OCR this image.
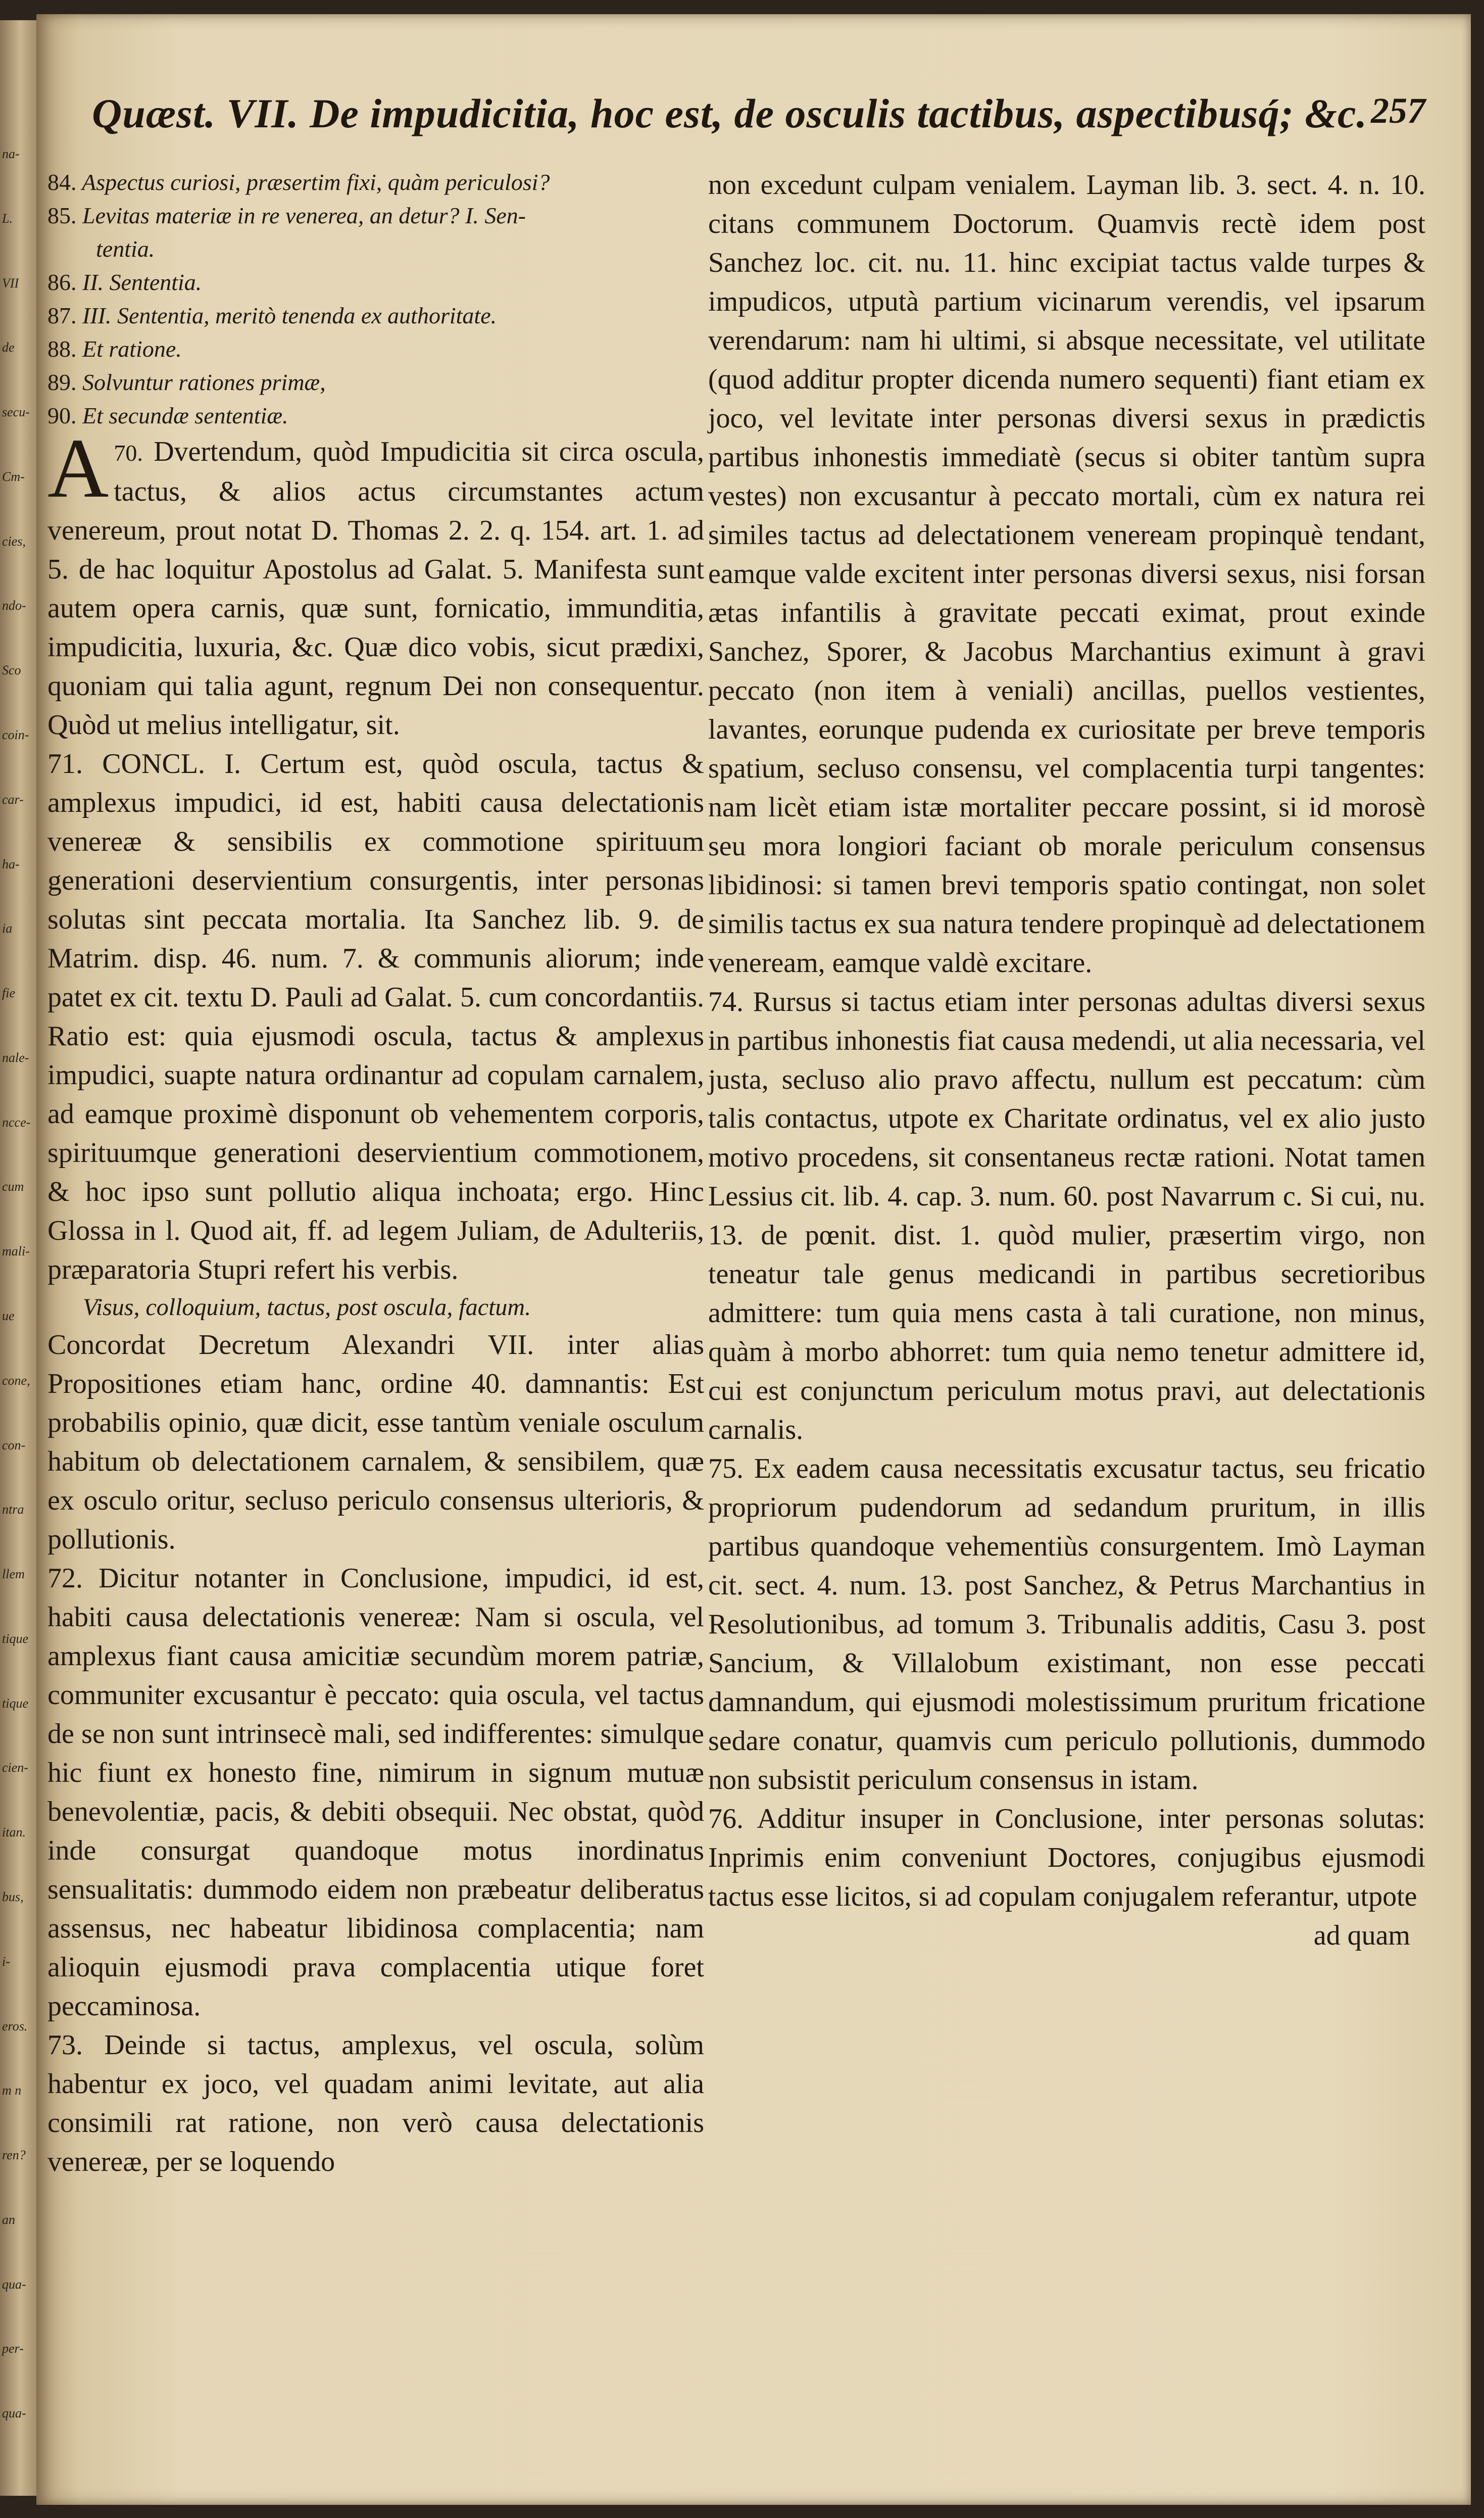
na-
L.
VII
de
secu-
Cm-
cies,
ndo-
Sco
coin-
car-
ha-
ia
fie
nale-
ncce-
cum
mali-
ue
cone,
con-
ntra
llem
tique
tique
cien-
itan.
bus,
i-
eros.
m n
ren?
an
qua-
per-
qua-
Quæst. VII. De impudicitia, hoc est, de osculis tactibus, aspectibusq́; &c. 257

84. Aspectus curiosi, præsertim fixi, quàm periculosi?

85. Levitas materiæ in re venerea, an detur? I. Sen-

tentia.

86. II. Sententia.

87. III. Sententia, meritò tenenda ex authoritate.

88. Et ratione.

89. Solvuntur rationes primæ,

90. Et secundæ sententiæ.

70.
A Dvertendum, quòd Impudicitia sit circa oscula, tactus, & alios actus circumstantes actum venereum, prout notat D. Thomas 2. 2. q. 154. art. 1. ad 5. de hac loquitur Apostolus ad Galat. 5. Manifesta sunt autem opera carnis, quæ sunt, fornicatio, immunditia, impudicitia, luxuria, &c. Quæ dico vobis, sicut prædixi, quoniam qui talia agunt, regnum Dei non consequentur. Quòd ut melius intelligatur, sit.

71. CONCL. I. Certum est, quòd oscula, tactus & amplexus impudici, id est, habiti causa delectationis venereæ & sensibilis ex commotione spirituum generationi deservientium consurgentis, inter personas solutas sint peccata mortalia. Ita Sanchez lib. 9. de Matrim. disp. 46. num. 7. & communis aliorum; inde patet ex cit. textu D. Pauli ad Galat. 5. cum concordantiis. Ratio est: quia ejusmodi oscula, tactus & amplexus impudici, suapte natura ordinantur ad copulam carnalem, ad eamque proximè disponunt ob vehementem corporis, spirituumque generationi deservientium commotionem, & hoc ipso sunt pollutio aliqua inchoata; ergo. Hinc Glossa in l. Quod ait, ff. ad legem Juliam, de Adulteriis, præparatoria Stupri refert his verbis.

Visus, colloquium, tactus, post oscula, factum.

Concordat Decretum Alexandri VII. inter alias Propositiones etiam hanc, ordine 40. damnantis: Est probabilis opinio, quæ dicit, esse tantùm veniale osculum habitum ob delectationem carnalem, & sensibilem, quæ ex osculo oritur, secluso periculo consensus ulterioris, & pollutionis.

72. Dicitur notanter in Conclusione, impudici, id est, habiti causa delectationis venereæ: Nam si oscula, vel amplexus fiant causa amicitiæ secundùm morem patriæ, communiter excusantur è peccato: quia oscula, vel tactus de se non sunt intrinsecè mali, sed indifferentes: simulque hic fiunt ex honesto fine, nimirum in signum mutuæ benevolentiæ, pacis, & debiti obsequii. Nec obstat, quòd inde consurgat quandoque motus inordinatus sensualitatis: dummodo eidem non præbeatur deliberatus assensus, nec habeatur libidinosa complacentia; nam alioquin ejusmodi prava complacentia utique foret peccaminosa.

73. Deinde si tactus, amplexus, vel oscula, solùm habentur ex joco, vel quadam animi levitate, aut alia consimili rat ratione, non verò causa delectationis venereæ, per se loquendo

non excedunt culpam venialem. Layman lib. 3. sect. 4. n. 10. citans communem Doctorum. Quamvis rectè idem post Sanchez loc. cit. nu. 11. hinc excipiat tactus valde turpes & impudicos, utputà partium vicinarum verendis, vel ipsarum verendarum: nam hi ultimi, si absque necessitate, vel utilitate (quod additur propter dicenda numero sequenti) fiant etiam ex joco, vel levitate inter personas diversi sexus in prædictis partibus inhonestis immediatè (secus si obiter tantùm supra vestes) non excusantur à peccato mortali, cùm ex natura rei similes tactus ad delectationem veneream propinquè tendant, eamque valde excitent inter personas diversi sexus, nisi forsan ætas infantilis à gravitate peccati eximat, prout exinde Sanchez, Sporer, & Jacobus Marchantius eximunt à gravi peccato (non item à veniali) ancillas, puellos vestientes, lavantes, eorunque pudenda ex curiositate per breve temporis spatium, secluso consensu, vel complacentia turpi tangentes: nam licèt etiam istæ mortaliter peccare possint, si id morosè seu mora longiori faciant ob morale periculum consensus libidinosi: si tamen brevi temporis spatio contingat, non solet similis tactus ex sua natura tendere propinquè ad delectationem veneream, eamque valdè excitare.

74. Rursus si tactus etiam inter personas adultas diversi sexus in partibus inhonestis fiat causa medendi, ut alia necessaria, vel justa, secluso alio pravo affectu, nullum est peccatum: cùm talis contactus, utpote ex Charitate ordinatus, vel ex alio justo motivo procedens, sit consentaneus rectæ rationi. Notat tamen Lessius cit. lib. 4. cap. 3. num. 60. post Navarrum c. Si cui, nu. 13. de pœnit. dist. 1. quòd mulier, præsertim virgo, non teneatur tale genus medicandi in partibus secretioribus admittere: tum quia mens casta à tali curatione, non minus, quàm à morbo abhorret: tum quia nemo tenetur admittere id, cui est conjunctum periculum motus pravi, aut delectationis carnalis.

75. Ex eadem causa necessitatis excusatur tactus, seu fricatio propriorum pudendorum ad sedandum pruritum, in illis partibus quandoque vehementiùs consurgentem. Imò Layman cit. sect. 4. num. 13. post Sanchez, & Petrus Marchantius in Resolutionibus, ad tomum 3. Tribunalis additis, Casu 3. post Sancium, & Villalobum existimant, non esse peccati damnandum, qui ejusmodi molestissimum pruritum fricatione sedare conatur, quamvis cum periculo pollutionis, dummodo non subsistit periculum consensus in istam.

76. Additur insuper in Conclusione, inter personas solutas: Inprimis enim conveniunt Doctores, conjugibus ejusmodi tactus esse licitos, si ad copulam conjugalem referantur, utpote

ad quam
